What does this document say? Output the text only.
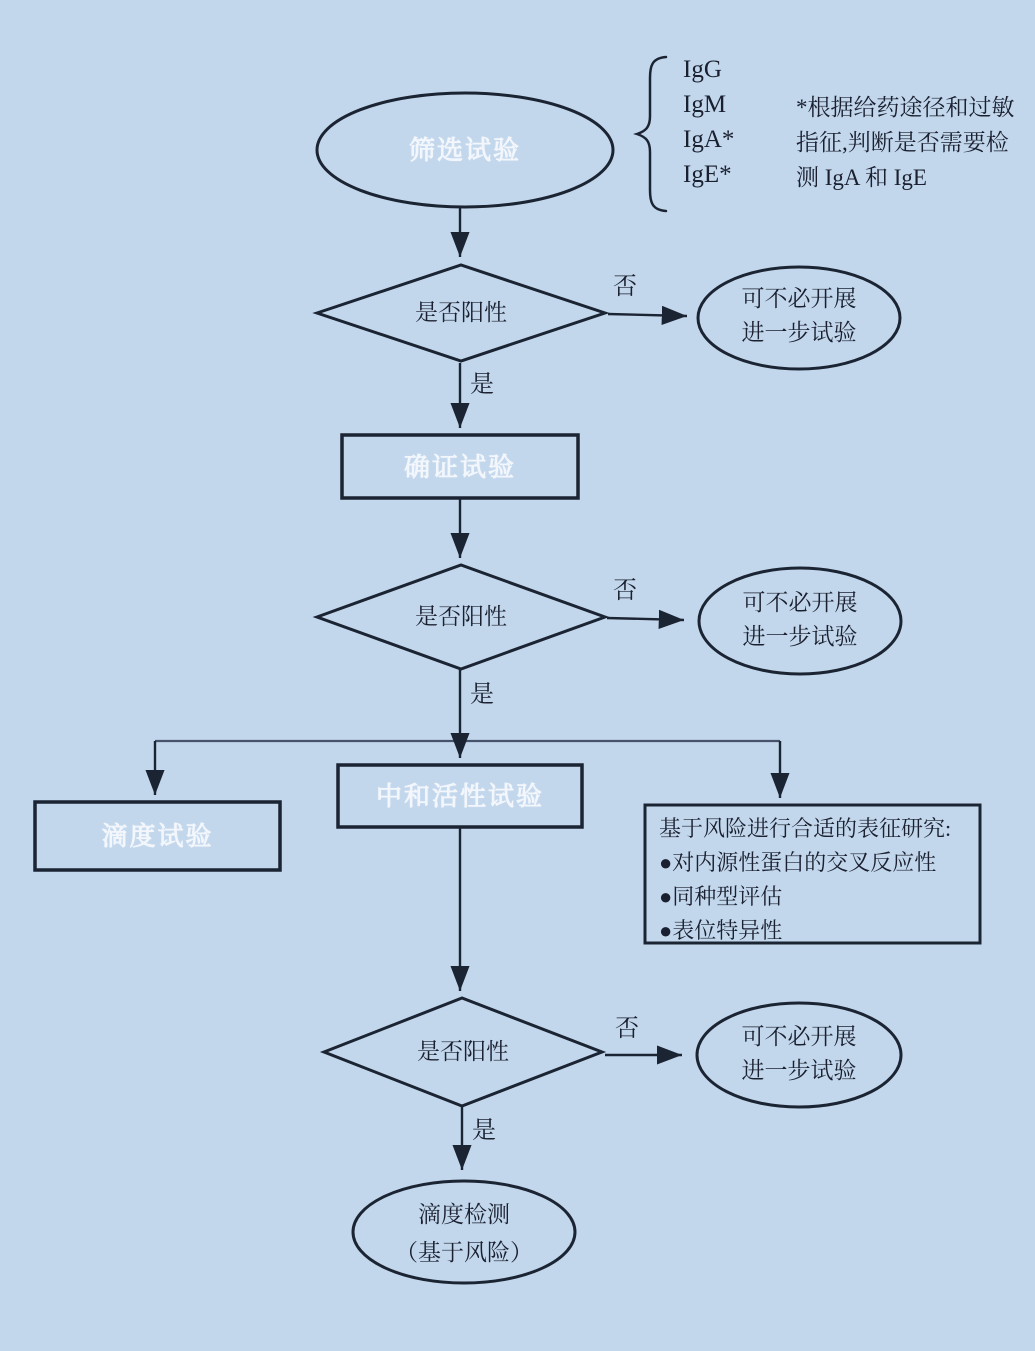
筛选试验
IgG
IgM
IgA*
IgE*
*根据给药途径和过敏
指征,判断是否需要检
测 IgA 和 IgE
是否阳性
否	可不必开展
进一步试验
是
确证试验
是否阳性
否	可不必开展
进一步试验
是
滴度试验
中和活性试验
基于风险进行合适的表征研究:
●对内源性蛋白的交叉反应性
●同种型评估
●表位特异性
是否阳性
否	可不必开展
进一步试验
是
滴度检测
（基于风险）
